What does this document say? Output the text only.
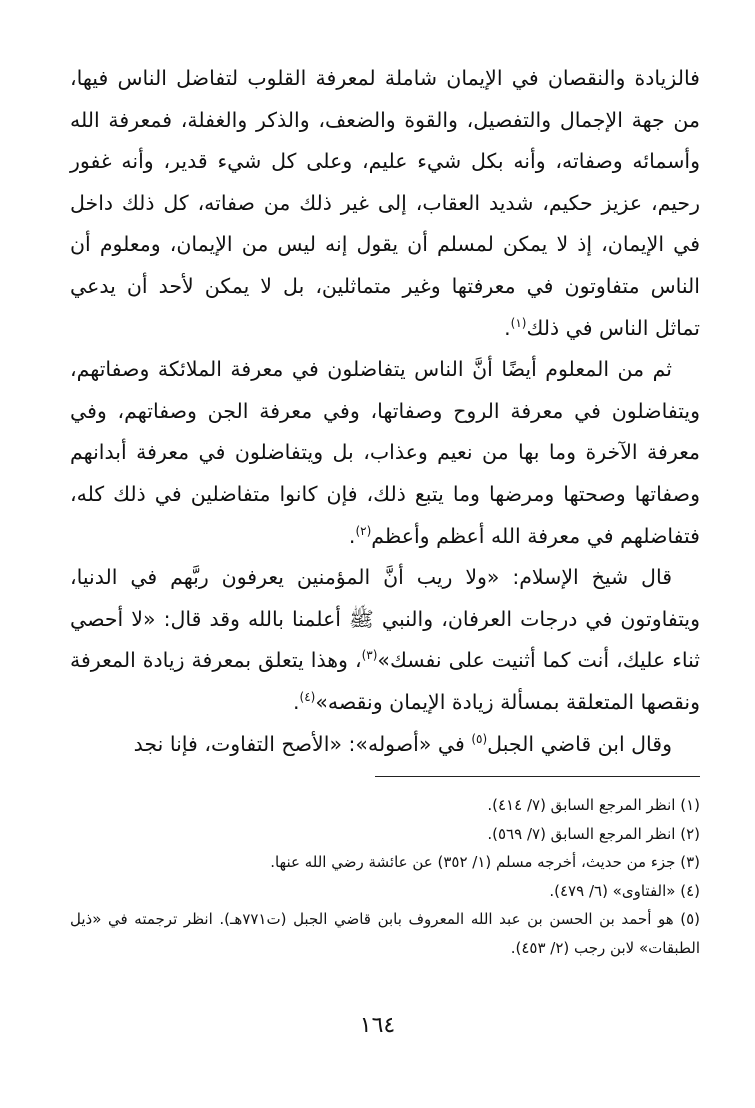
فالزيادة والنقصان في الإيمان شاملة لمعرفة القلوب لتفاضل الناس فيها، من جهة الإجمال والتفصيل، والقوة والضعف، والذكر والغفلة، فمعرفة الله وأسمائه وصفاته، وأنه بكل شيء عليم، وعلى كل شيء قدير، وأنه غفور رحيم، عزيز حكيم، شديد العقاب، إلى غير ذلك من صفاته، كل ذلك داخل في الإيمان، إذ لا يمكن لمسلم أن يقول إنه ليس من الإيمان، ومعلوم أن الناس متفاوتون في معرفتها وغير متماثلين، بل لا يمكن لأحد أن يدعي تماثل الناس في ذلك$^{(١)}$.

ثم من المعلوم أيضًا أنَّ الناس يتفاضلون في معرفة الملائكة وصفاتهم، ويتفاضلون في معرفة الروح وصفاتها، وفي معرفة الجن وصفاتهم، وفي معرفة الآخرة وما بها من نعيم وعذاب، بل ويتفاضلون في معرفة أبدانهم وصفاتها وصحتها ومرضها وما يتبع ذلك، فإن كانوا متفاضلين في ذلك كله، فتفاضلهم في معرفة الله أعظم وأعظم$^{(٢)}$.

قال شيخ الإسلام: «ولا ريب أنَّ المؤمنين يعرفون ربَّهم في الدنيا، ويتفاوتون في درجات العرفان، والنبي ﷺ أعلمنا بالله وقد قال: «لا أحصي ثناء عليك، أنت كما أثنيت على نفسك»$^{(٣)}$، وهذا يتعلق بمعرفة زيادة المعرفة ونقصها المتعلقة بمسألة زيادة الإيمان ونقصه»$^{(٤)}$.

وقال ابن قاضي الجبل$^{(٥)}$ في «أصوله»: «الأصح التفاوت، فإنا نجد

(١) انظر المرجع السابق (٧/ ٤١٤).

(٢) انظر المرجع السابق (٧/ ٥٦٩).

(٣) جزء من حديث، أخرجه مسلم (١/ ٣٥٢) عن عائشة رضي الله عنها.

(٤) «الفتاوى» (٦/ ٤٧٩).

(٥) هو أحمد بن الحسن بن عبد الله المعروف بابن قاضي الجبل (ت٧٧١هـ). انظر ترجمته في «ذيل الطبقات» لابن رجب (٢/ ٤٥٣).

١٦٤
